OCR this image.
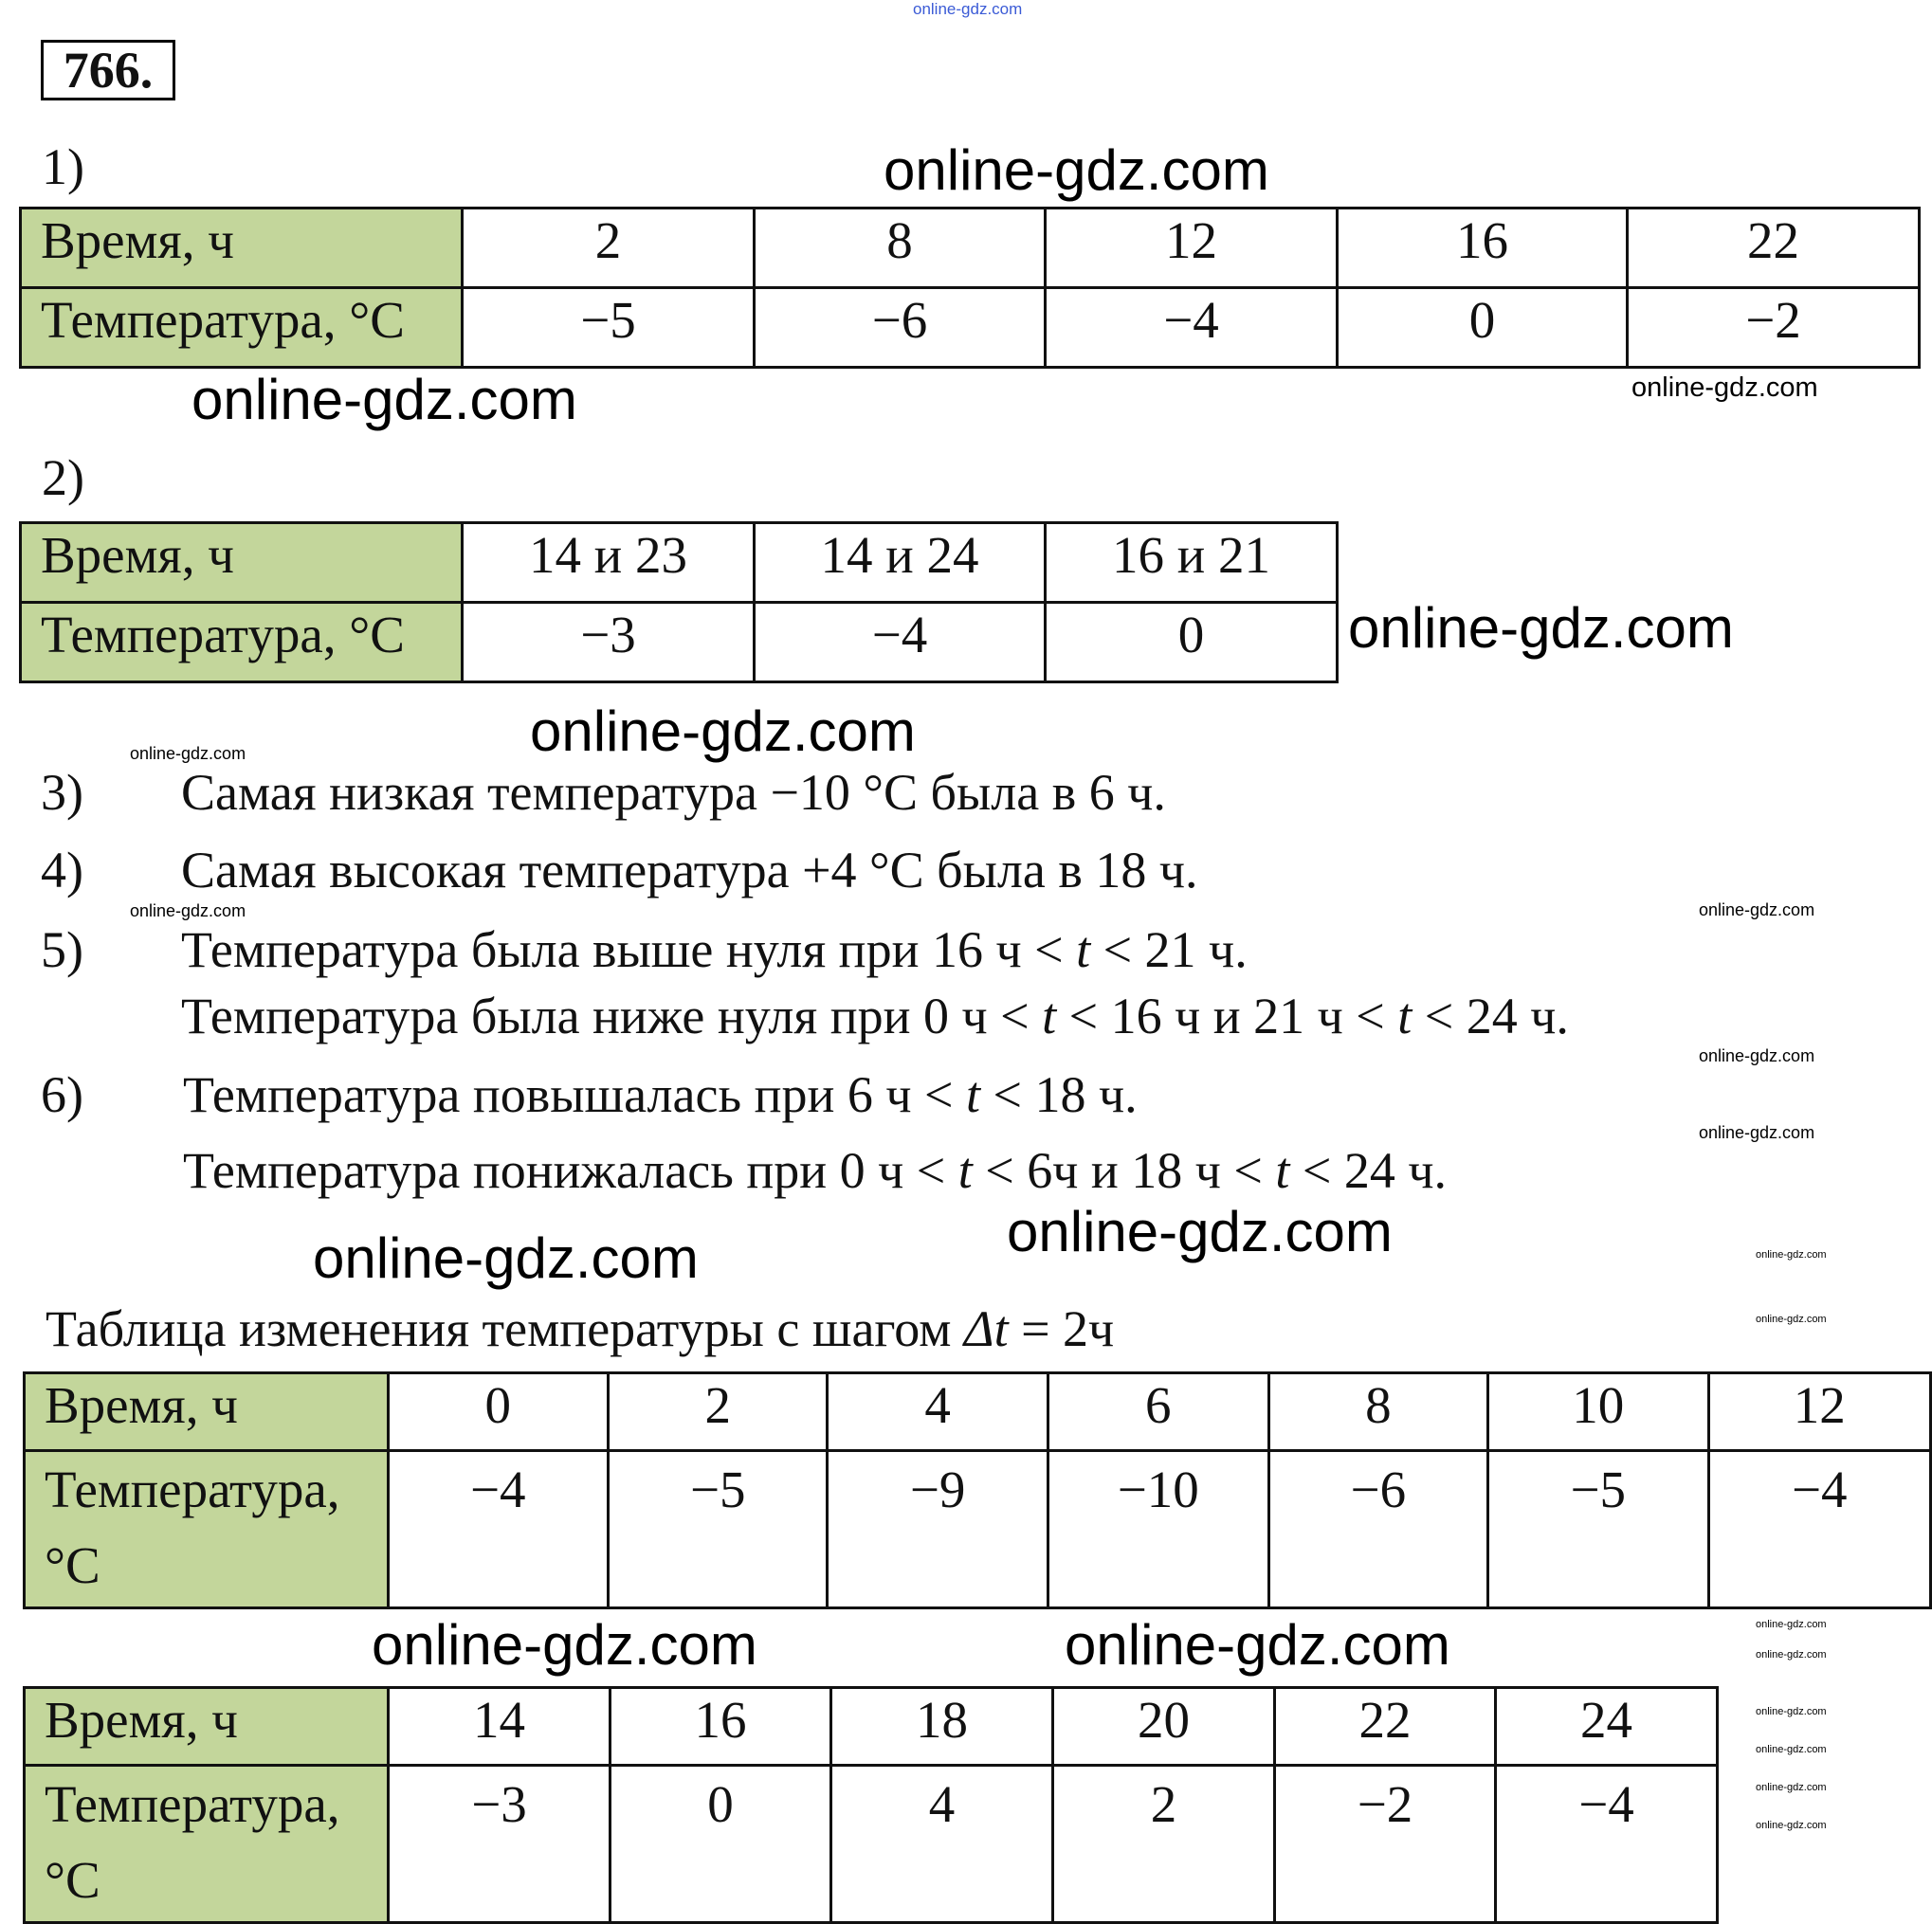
online-gdz.com
online-gdz.com
online-gdz.com
online-gdz.com
online-gdz.com
online-gdz.com
online-gdz.com
online-gdz.com
online-gdz.com
online-gdz.com
online-gdz.com
online-gdz.com	online-gdz.com
online-gdz.com
online-gdz.com
online-gdz.com
online-gdz.com
online-gdz.com
online-gdz.com
online-gdz.com
online-gdz.com
online-gdz.com
online-gdz.com
766.
1)
Время, ч	2	8	12	16	22
Температура, °C	−5	−6	−4	0	−2
2)
Время, ч	14 и 23	14 и 24	16 и 21
Температура, °C	−3	−4	0
3) Самая низкая температура −10 °C была в 6 ч.
4) Самая высокая температура +4 °C была в 18 ч.
5) Температура была выше нуля при 16 ч < t < 21 ч.
Температура была ниже нуля при 0 ч < t < 16 ч и 21 ч < t < 24 ч.
6) Температура повышалась при 6 ч < t < 18 ч.
Температура понижалась при 0 ч < t < 6ч и 18 ч < t < 24 ч.
Таблица изменения температуры с шагом Δt = 2ч
Время, ч	0	2	4	6	8	10	12

Температура,
°C	−4	−5	−9	−10	−6	−5	−4
Время, ч	14	16	18	20	22	24

Температура,
°C	−3	0	4	2	−2	−4
